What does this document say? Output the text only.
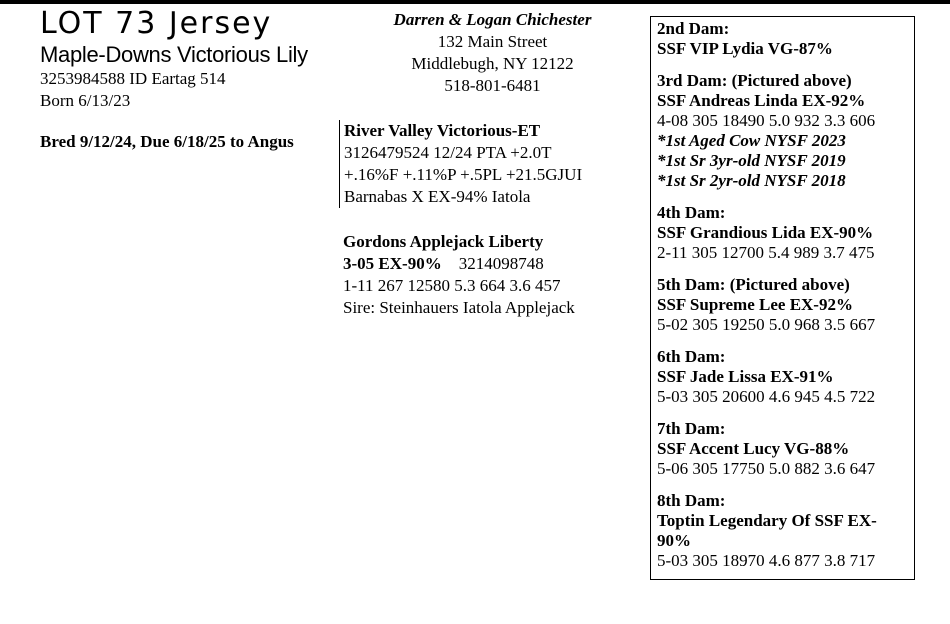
LOT 73 Jersey
Maple-Downs Victorious Lily
3253984588 ID Eartag 514
Born 6/13/23
Bred 9/12/24, Due 6/18/25 to Angus
Darren & Logan Chichester
132 Main Street
Middlebugh, NY 12122
518-801-6481
River Valley Victorious-ET
3126479524 12/24 PTA +2.0T
+.16%F +.11%P +.5PL +21.5GJUI
Barnabas X EX-94% Iatola
Gordons Applejack Liberty
3-05 EX-90%    3214098748
1-11 267 12580 5.3 664 3.6 457
Sire: Steinhauers Iatola Applejack
2nd Dam:
SSF VIP Lydia VG-87%
3rd Dam: (Pictured above)
SSF Andreas Linda EX-92%
4-08 305 18490 5.0 932 3.3 606
*1st Aged Cow NYSF 2023
*1st Sr 3yr-old NYSF 2019
*1st Sr 2yr-old NYSF 2018
4th Dam:
SSF Grandious Lida EX-90%
2-11 305 12700 5.4 989 3.7 475
5th Dam: (Pictured above)
SSF Supreme Lee EX-92%
5-02 305 19250 5.0 968 3.5 667
6th Dam:
SSF Jade Lissa EX-91%
5-03 305 20600 4.6 945 4.5 722
7th Dam:
SSF Accent Lucy VG-88%
5-06 305 17750 5.0 882 3.6 647
8th Dam:
Toptin Legendary Of SSF EX-90%
5-03 305 18970 4.6 877 3.8 717
